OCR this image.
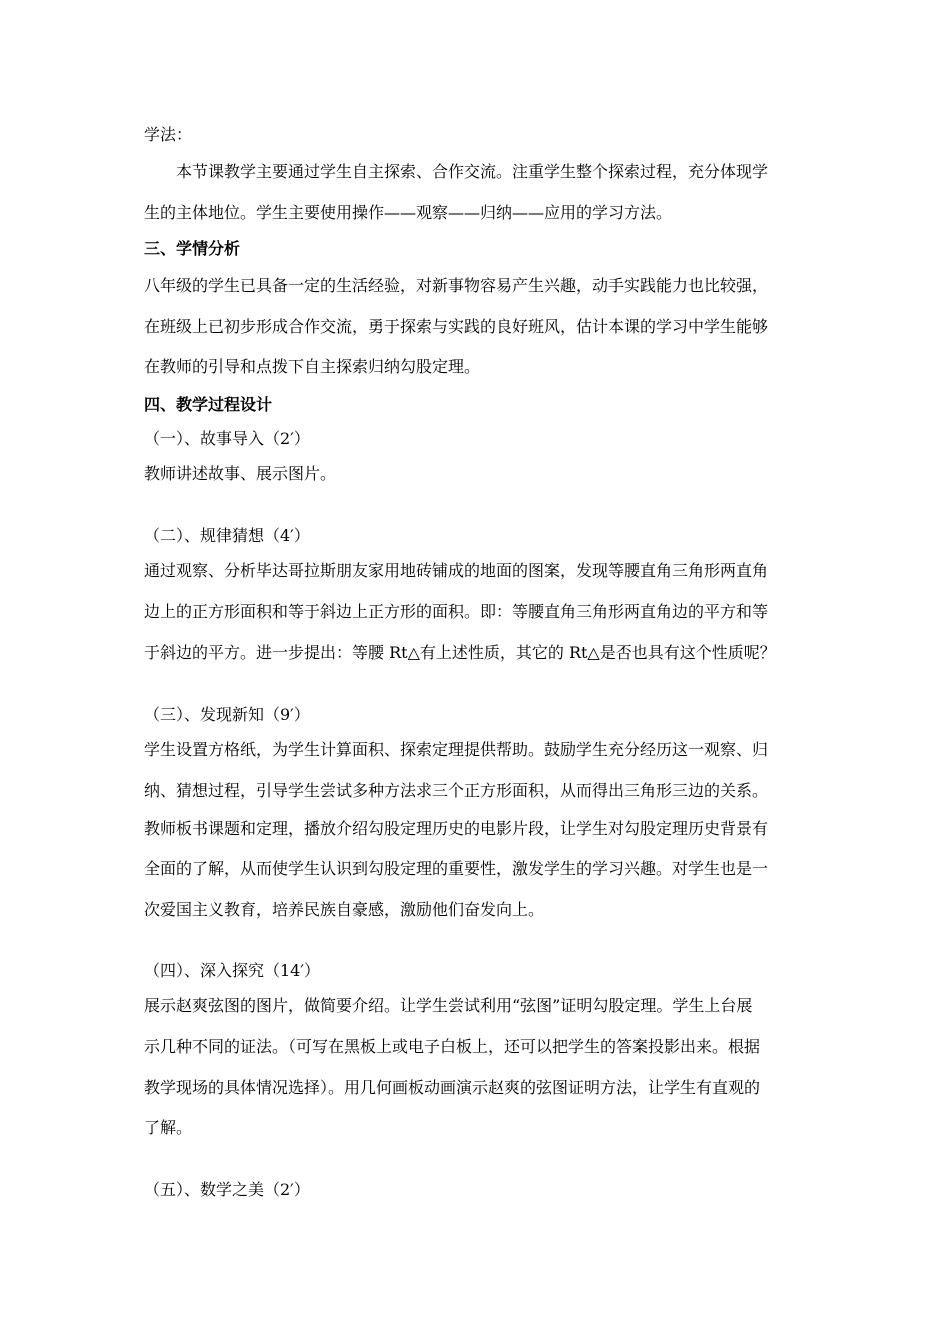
学法：
本节课教学主要通过学生自主探索、合作交流。注重学生整个探索过程，充分体现学
生的主体地位。学生主要使用操作——观察——归纳——应用的学习方法。
三、学情分析
八年级的学生已具备一定的生活经验，对新事物容易产生兴趣，动手实践能力也比较强，
在班级上已初步形成合作交流，勇于探索与实践的良好班风，估计本课的学习中学生能够
在教师的引导和点拨下自主探索归纳勾股定理。
四、教学过程设计
（一）、故事导入（2′）
教师讲述故事、展示图片。
（二）、规律猜想（4′）
通过观察、分析毕达哥拉斯朋友家用地砖铺成的地面的图案，发现等腰直角三角形两直角
边上的正方形面积和等于斜边上正方形的面积。即：等腰直角三角形两直角边的平方和等
于斜边的平方。进一步提出：等腰 Rt△有上述性质，其它的 Rt△是否也具有这个性质呢？
（三）、发现新知（9′）
学生设置方格纸，为学生计算面积、探索定理提供帮助。鼓励学生充分经历这一观察、归
纳、猜想过程，引导学生尝试多种方法求三个正方形面积，从而得出三角形三边的关系。
教师板书课题和定理，播放介绍勾股定理历史的电影片段，让学生对勾股定理历史背景有
全面的了解，从而使学生认识到勾股定理的重要性，激发学生的学习兴趣。对学生也是一
次爱国主义教育，培养民族自豪感，激励他们奋发向上。
（四）、深入探究（14′）
展示赵爽弦图的图片，做简要介绍。让学生尝试利用“弦图”证明勾股定理。学生上台展
示几种不同的证法。（可写在黑板上或电子白板上，还可以把学生的答案投影出来。根据
教学现场的具体情况选择）。用几何画板动画演示赵爽的弦图证明方法，让学生有直观的
了解。
（五）、数学之美（2′）
